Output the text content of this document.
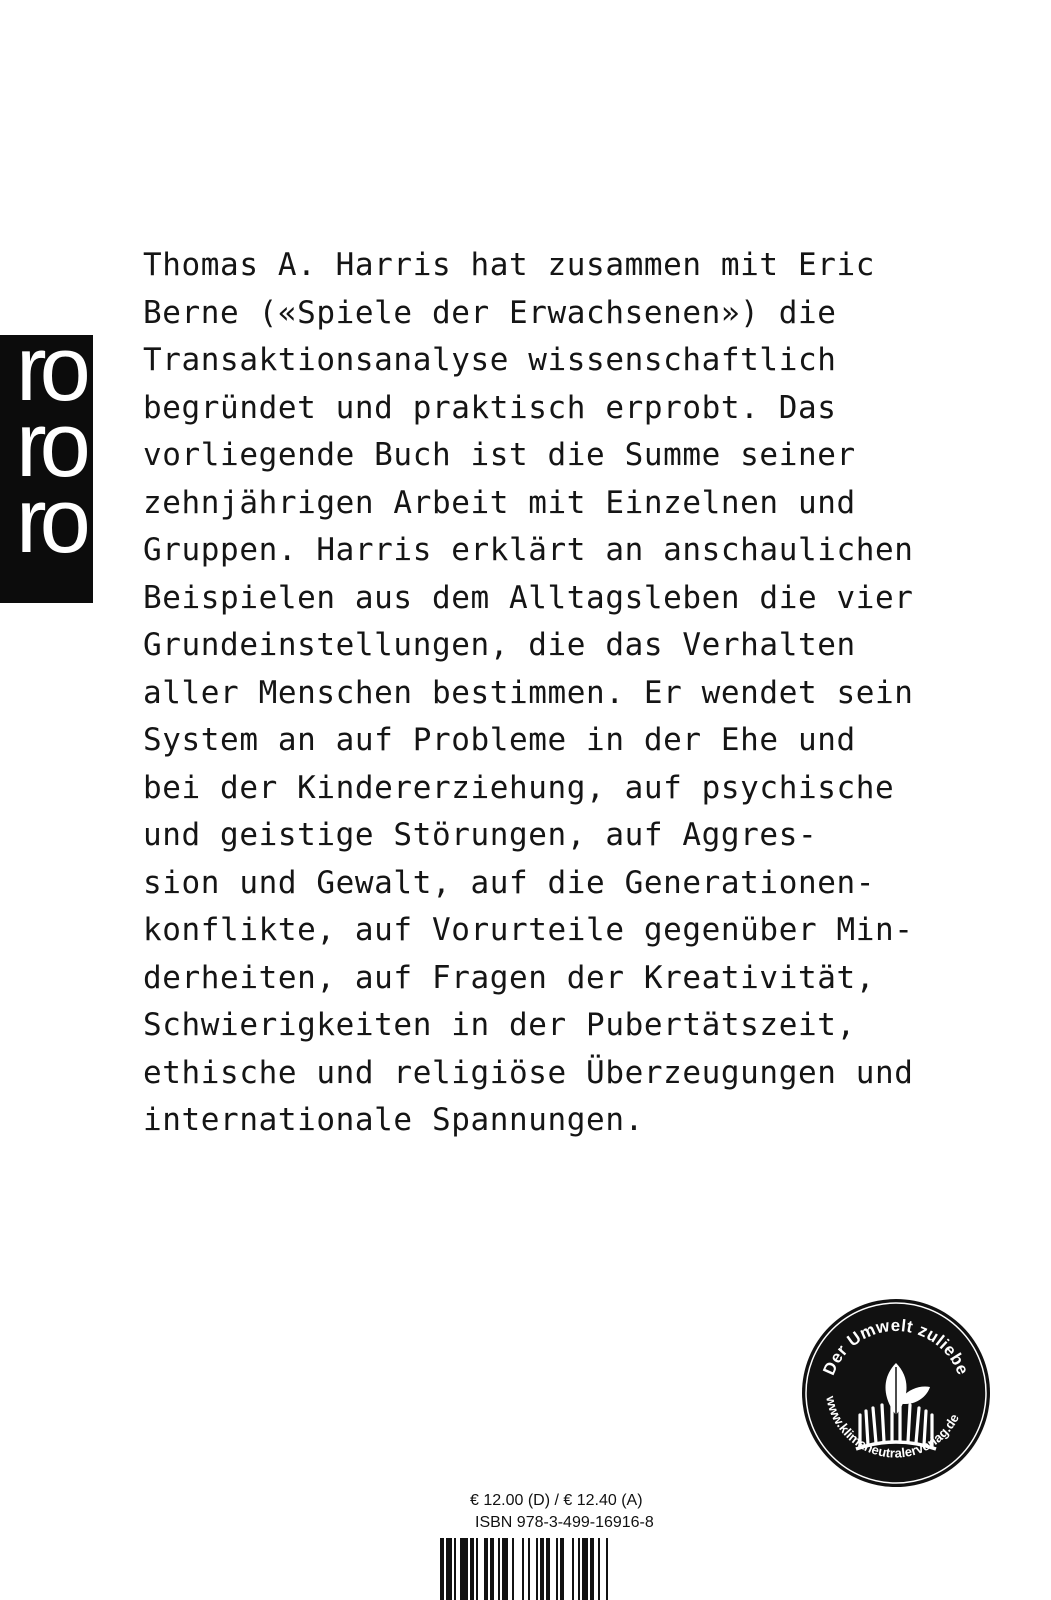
ro
ro
ro
Thomas A. Harris hat zusammen mit Eric
Berne («Spiele der Erwachsenen») die
Transaktionsanalyse wissenschaftlich
begründet und praktisch erprobt. Das
vorliegende Buch ist die Summe seiner
zehnjährigen Arbeit mit Einzelnen und
Gruppen. Harris erklärt an anschaulichen
Beispielen aus dem Alltagsleben die vier
Grundeinstellungen, die das Verhalten
aller Menschen bestimmen. Er wendet sein
System an auf Probleme in der Ehe und
bei der Kindererziehung, auf psychische
und geistige Störungen, auf Aggres-
sion und Gewalt, auf die Generationen-
konflikte, auf Vorurteile gegenüber Min-
derheiten, auf Fragen der Kreativität,
Schwierigkeiten in der Pubertätszeit,
ethische und religiöse Überzeugungen und
internationale Spannungen.
Der Umwelt zuliebe
www.klimaneutralerverlag.de
€ 12.00 (D) / € 12.40 (A)
ISBN 978-3-499-16916-8
